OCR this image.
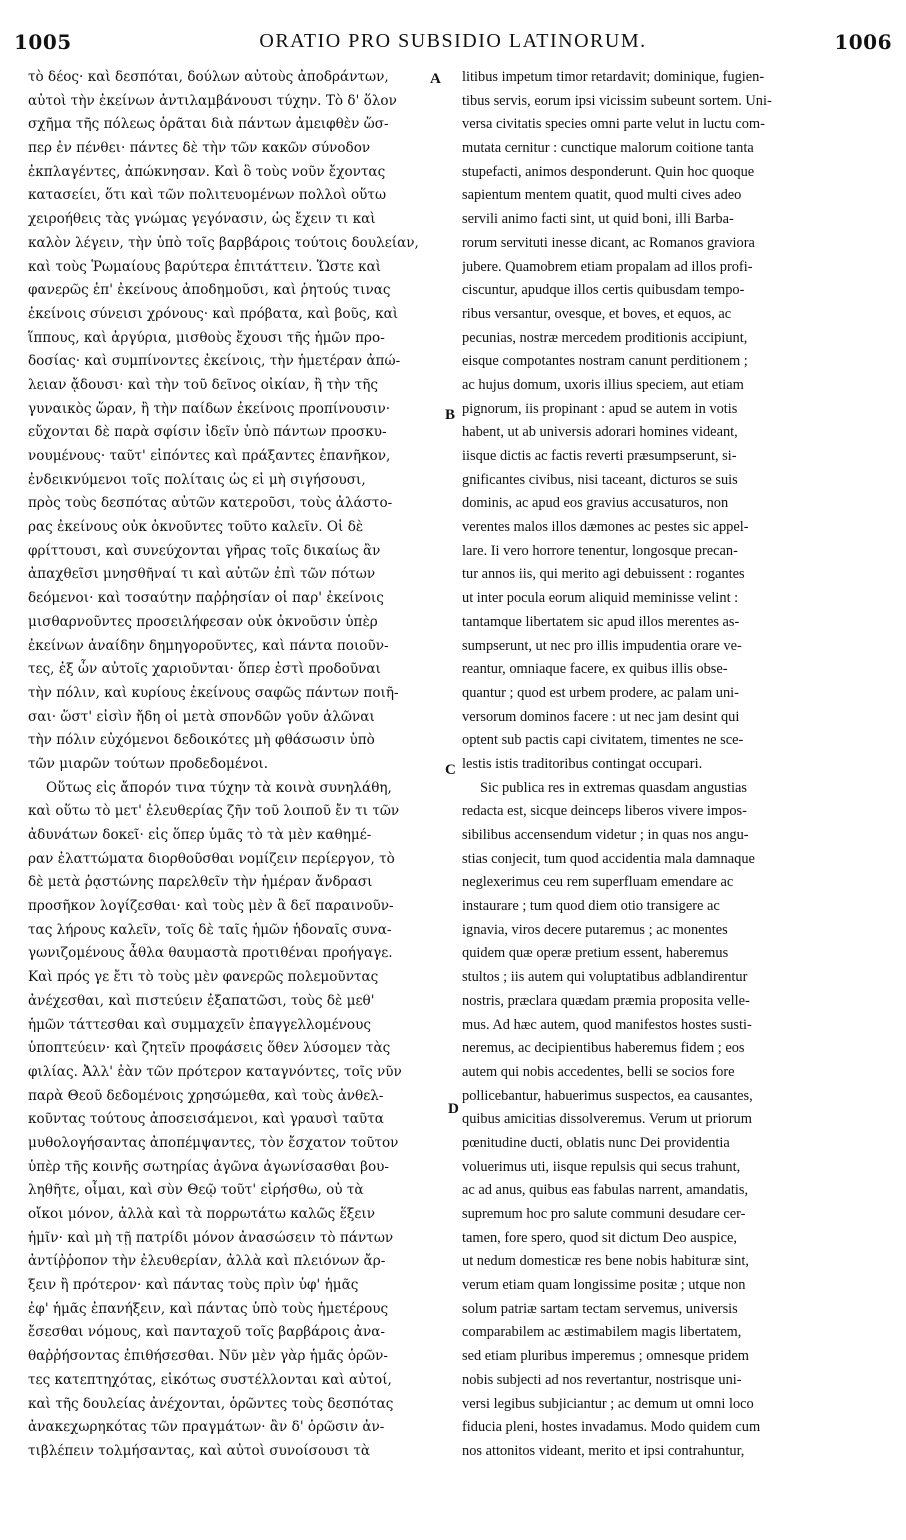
1005	ORATIO PRO SUBSIDIO LATINORUM.	1006
τὸ δέος· καὶ δεσπόται, δούλων αὐτοὺς ἀποδράντων,
αὐτοὶ τὴν ἐκείνων ἀντιλαμβάνουσι τύχην. Τὸ δ' ὅλον
σχῆμα τῆς πόλεως ὁρᾶται διὰ πάντων ἀμειφθὲν ὥσ-
περ ἐν πένθει· πάντες δὲ τὴν τῶν κακῶν σύνοδον
ἐκπλαγέντες, ἀπώκνησαν. Καὶ ὃ τοὺς νοῦν ἔχοντας
κατασείει, ὅτι καὶ τῶν πολιτευομένων πολλοὶ οὕτω
χειροήθεις τὰς γνώμας γεγόνασιν, ὡς ἔχειν τι καὶ
καλὸν λέγειν, τὴν ὑπὸ τοῖς βαρβάροις τούτοις δουλείαν,
καὶ τοὺς Ῥωμαίους βαρύτερα ἐπιτάττειν. Ὥστε καὶ
φανερῶς ἐπ' ἐκείνους ἀποδημοῦσι, καὶ ῥητούς τινας
ἐκείνοις σύνεισι χρόνους· καὶ πρόβατα, καὶ βοῦς, καὶ
ἵππους, καὶ ἀργύρια, μισθοὺς ἔχουσι τῆς ἡμῶν προ-
δοσίας· καὶ συμπίνοντες ἐκείνοις, τὴν ἡμετέραν ἀπώ-
λειαν ᾄδουσι· καὶ τὴν τοῦ δεῖνος οἰκίαν, ἢ τὴν τῆς
γυναικὸς ὥραν, ἢ τὴν παίδων ἐκείνοις προπίνουσιν·
εὔχονται δὲ παρὰ σφίσιν ἰδεῖν ὑπὸ πάντων προσκυ-
νουμένους· ταῦτ' εἰπόντες καὶ πράξαντες ἐπανῆκον,
ἐνδεικνύμενοι τοῖς πολίταις ὡς εἰ μὴ σιγήσουσι,
πρὸς τοὺς δεσπότας αὐτῶν κατεροῦσι, τοὺς ἀλάστο-
ρας ἐκείνους οὐκ ὀκνοῦντες τοῦτο καλεῖν. Οἱ δὲ
φρίττουσι, καὶ συνεύχονται γῆρας τοῖς δικαίως ἂν
ἀπαχθεῖσι μνησθῆναί τι καὶ αὐτῶν ἐπὶ τῶν πότων
δεόμενοι· καὶ τοσαύτην παῤῥησίαν οἱ παρ' ἐκείνοις
μισθαρνοῦντες προσειλήφεσαν οὐκ ὀκνοῦσιν ὑπὲρ
ἐκείνων ἀναίδην δημηγοροῦντες, καὶ πάντα ποιοῦν-
τες, ἐξ ὧν αὐτοῖς χαριοῦνται· ὅπερ ἐστὶ προδοῦναι
τὴν πόλιν, καὶ κυρίους ἐκείνους σαφῶς πάντων ποιῆ-
σαι· ὥστ' εἰσὶν ἤδη οἱ μετὰ σπονδῶν γοῦν ἁλῶναι
τὴν πόλιν εὐχόμενοι δεδοικότες μὴ φθάσωσιν ὑπὸ
τῶν μιαρῶν τούτων προδεδομένοι.
Οὕτως εἰς ἄπορόν τινα τύχην τὰ κοινὰ συνηλάθη,
καὶ οὕτω τὸ μετ' ἐλευθερίας ζῆν τοῦ λοιποῦ ἔν τι τῶν
ἀδυνάτων δοκεῖ· εἰς ὅπερ ὑμᾶς τὸ τὰ μὲν καθημέ-
ραν ἐλαττώματα διορθοῦσθαι νομίζειν περίεργον, τὸ
δὲ μετὰ ῥᾳστώνης παρελθεῖν τὴν ἡμέραν ἄνδρασι
προσῆκον λογίζεσθαι· καὶ τοὺς μὲν ἃ δεῖ παραινοῦν-
τας λήρους καλεῖν, τοῖς δὲ ταῖς ἡμῶν ἡδοναῖς συνα-
γωνιζομένους ἆθλα θαυμαστὰ προτιθέναι προήγαγε.
Καὶ πρός γε ἔτι τὸ τοὺς μὲν φανερῶς πολεμοῦντας
ἀνέχεσθαι, καὶ πιστεύειν ἐξαπατῶσι, τοὺς δὲ μεθ'
ἡμῶν τάττεσθαι καὶ συμμαχεῖν ἐπαγγελλομένους
ὑποπτεύειν· καὶ ζητεῖν προφάσεις ὅθεν λύσομεν τὰς
φιλίας. Ἀλλ' ἐὰν τῶν πρότερον καταγνόντες, τοῖς νῦν
παρὰ Θεοῦ δεδομένοις χρησώμεθα, καὶ τοὺς ἀνθελ-
κοῦντας τούτους ἀποσεισάμενοι, καὶ γραυσὶ ταῦτα
μυθολογήσαντας ἀποπέμψαντες, τὸν ἔσχατον τοῦτον
ὑπὲρ τῆς κοινῆς σωτηρίας ἀγῶνα ἀγωνίσασθαι βου-
ληθῆτε, οἶμαι, καὶ σὺν Θεῷ τοῦτ' εἰρήσθω, οὐ τὰ
οἴκοι μόνον, ἀλλὰ καὶ τὰ πορρωτάτω καλῶς ἕξειν
ἡμῖν· καὶ μὴ τῇ πατρίδι μόνον ἀνασώσειν τὸ πάντων
ἀντίῤῥοπον τὴν ἐλευθερίαν, ἀλλὰ καὶ πλειόνων ἄρ-
ξειν ἢ πρότερον· καὶ πάντας τοὺς πρὶν ὑφ' ἡμᾶς
ἐφ' ἡμᾶς ἐπανήξειν, καὶ πάντας ὑπὸ τοὺς ἡμετέρους
ἔσεσθαι νόμους, καὶ πανταχοῦ τοῖς βαρβάροις ἀνα-
θαῤῥήσοντας ἐπιθήσεσθαι. Νῦν μὲν γὰρ ἡμᾶς ὁρῶν-
τες κατεπτηχότας, εἰκότως συστέλλονται καὶ αὐτοί,
καὶ τῆς δουλείας ἀνέχονται, ὁρῶντες τοὺς δεσπότας
ἀνακεχωρηκότας τῶν πραγμάτων· ἂν δ' ὁρῶσιν ἀν-
τιβλέπειν τολμήσαντας, καὶ αὐτοὶ συνοίσουσι τὰ
litibus impetum timor retardavit; dominique, fugien-
tibus servis, eorum ipsi vicissim subeunt sortem. Uni-
versa civitatis species omni parte velut in luctu com-
mutata cernitur : cunctique malorum coitione tanta
stupefacti, animos desponderunt. Quin hoc quoque
sapientum mentem quatit, quod multi cives adeo
servili animo facti sint, ut quid boni, illi Barba-
rorum servituti inesse dicant, ac Romanos graviora
jubere. Quamobrem etiam propalam ad illos profi-
ciscuntur, apudque illos certis quibusdam tempo-
ribus versantur, ovesque, et boves, et equos, ac
pecunias, nostræ mercedem proditionis accipiunt,
eisque compotantes nostram canunt perditionem ;
ac hujus domum, uxoris illius speciem, aut etiam
pignorum, iis propinant : apud se autem in votis
habent, ut ab universis adorari homines videant,
iisque dictis ac factis reverti præsumpserunt, si-
gnificantes civibus, nisi taceant, dicturos se suis
dominis, ac apud eos gravius accusaturos, non
verentes malos illos dæmones ac pestes sic appel-
lare. Ii vero horrore tenentur, longosque precan-
tur annos iis, qui merito agi debuissent : rogantes
ut inter pocula eorum aliquid meminisse velint :
tantamque libertatem sic apud illos merentes as-
sumpserunt, ut nec pro illis impudentia orare ve-
reantur, omniaque facere, ex quibus illis obse-
quantur ; quod est urbem prodere, ac palam uni-
versorum dominos facere : ut nec jam desint qui
optent sub pactis capi civitatem, timentes ne sce-
lestis istis traditoribus contingat occupari.
Sic publica res in extremas quasdam angustias
redacta est, sicque deinceps liberos vivere impos-
sibilibus accensendum videtur ; in quas nos angu-
stias conjecit, tum quod accidentia mala damnaque
neglexerimus ceu rem superfluam emendare ac
instaurare ; tum quod diem otio transigere ac
ignavia, viros decere putaremus ; ac monentes
quidem quæ operæ pretium essent, haberemus
stultos ; iis autem qui voluptatibus adblandirentur
nostris, præclara quædam præmia proposita velle-
mus. Ad hæc autem, quod manifestos hostes susti-
neremus, ac decipientibus haberemus fidem ; eos
autem qui nobis accedentes, belli se socios fore
pollicebantur, habuerimus suspectos, ea causantes,
quibus amicitias dissolveremus. Verum ut priorum
pœnitudine ducti, oblatis nunc Dei providentia
voluerimus uti, iisque repulsis qui secus trahunt,
ac ad anus, quibus eas fabulas narrent, amandatis,
supremum hoc pro salute communi desudare cer-
tamen, fore spero, quod sit dictum Deo auspice,
ut nedum domesticæ res bene nobis habituræ sint,
verum etiam quam longissime positæ ; utque non
solum patriæ sartam tectam servemus, universis
comparabilem ac æstimabilem magis libertatem,
sed etiam pluribus imperemus ; omnesque pridem
nobis subjecti ad nos revertantur, nostrisque uni-
versi legibus subjiciantur ; ac demum ut omni loco
fiducia pleni, hostes invadamus. Modo quidem cum
nos attonitos videant, merito et ipsi contrahuntur,
A
B
C
D
